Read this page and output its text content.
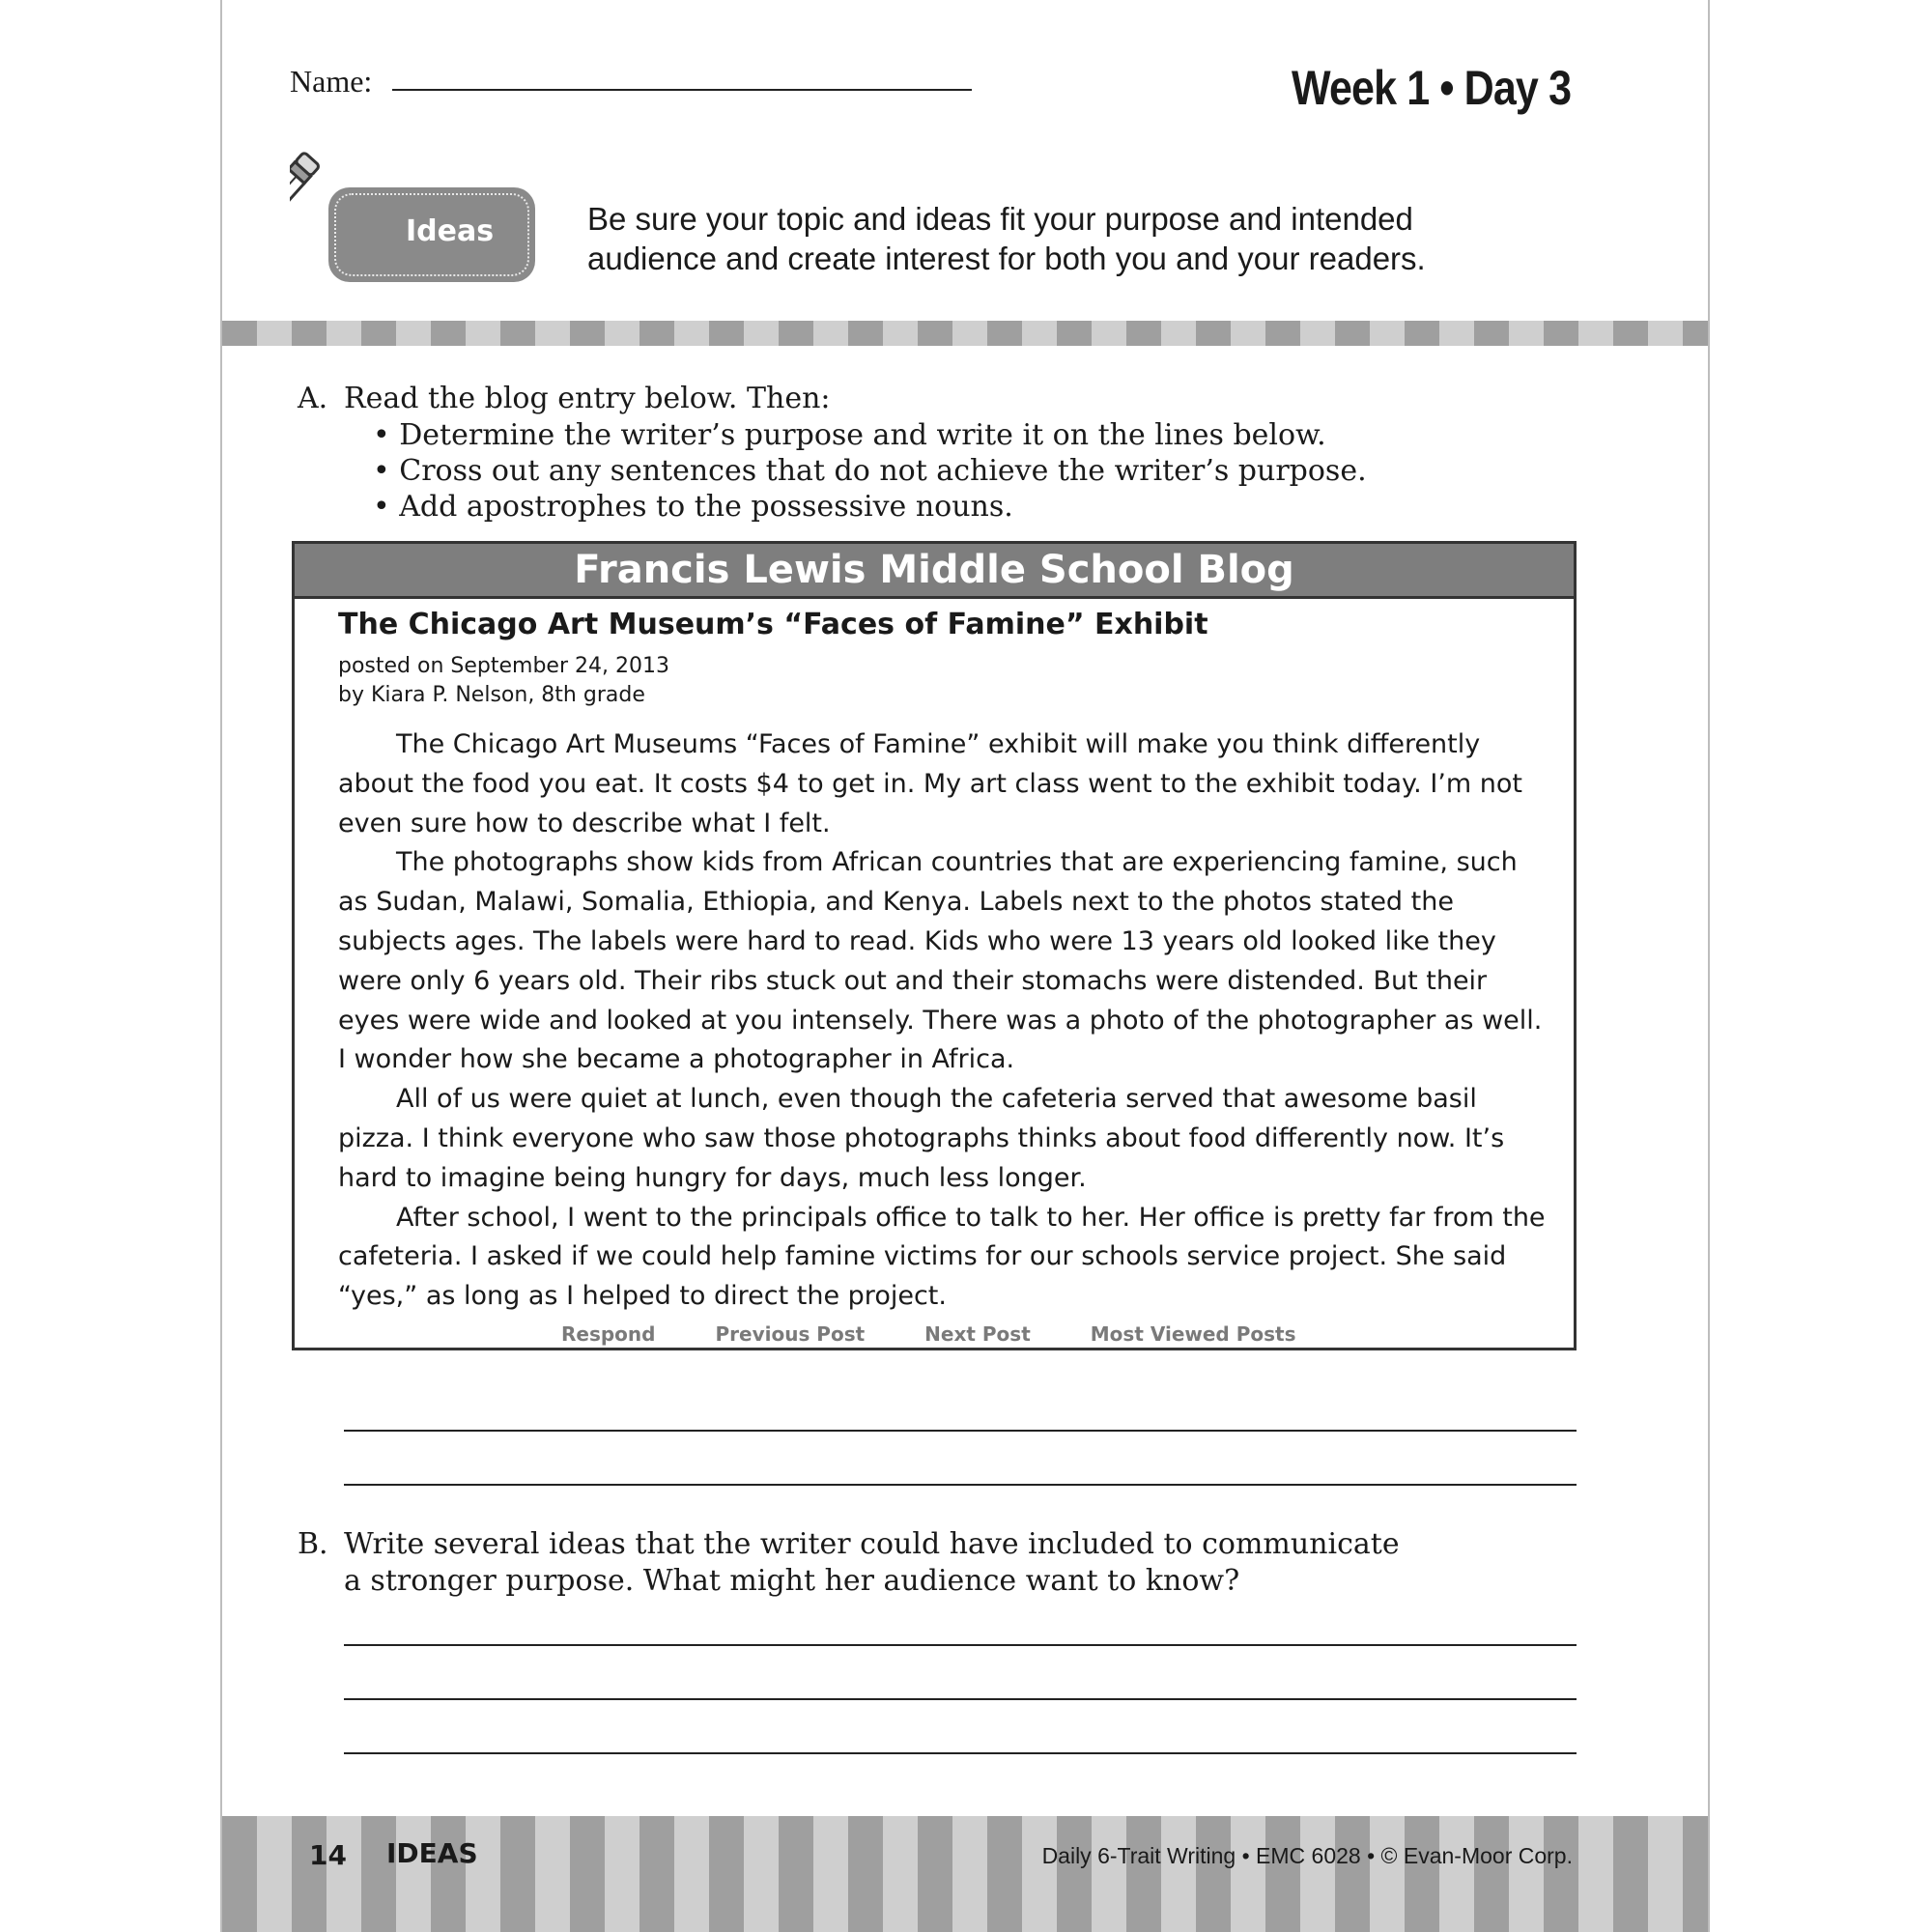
Name:	Week 1 • Day 3
Ideas	Be sure your topic and ideas fit your purpose and intended audience and create interest for both you and your readers.
A. Read the blog entry below. Then:
• Determine the writer’s purpose and write it on the lines below.
• Cross out any sentences that do not achieve the writer’s purpose.
• Add apostrophes to the possessive nouns.
Francis Lewis Middle School Blog
The Chicago Art Museum’s “Faces of Famine” Exhibit
posted on September 24, 2013
by Kiara P. Nelson, 8th grade

The Chicago Art Museums “Faces of Famine” exhibit will make you think differently about the food you eat. It costs $4 to get in. My art class went to the exhibit today. I’m not even sure how to describe what I felt.

The photographs show kids from African countries that are experiencing famine, such as Sudan, Malawi, Somalia, Ethiopia, and Kenya. Labels next to the photos stated the subjects ages. The labels were hard to read. Kids who were 13 years old looked like they were only 6 years old. Their ribs stuck out and their stomachs were distended. But their eyes were wide and looked at you intensely. There was a photo of the photographer as well. I wonder how she became a photographer in Africa.

All of us were quiet at lunch, even though the cafeteria served that awesome basil pizza. I think everyone who saw those photographs thinks about food differently now. It’s hard to imagine being hungry for days, much less longer.

After school, I went to the principals office to talk to her. Her office is pretty far from the cafeteria. I asked if we could help famine victims for our schools service project. She said “yes,” as long as I helped to direct the project.

Respond	Previous Post	Next Post	Most Viewed Posts
B. Write several ideas that the writer could have included to communicate a stronger purpose. What might her audience want to know?
14 IDEAS	Daily 6-Trait Writing • EMC 6028 • © Evan-Moor Corp.
